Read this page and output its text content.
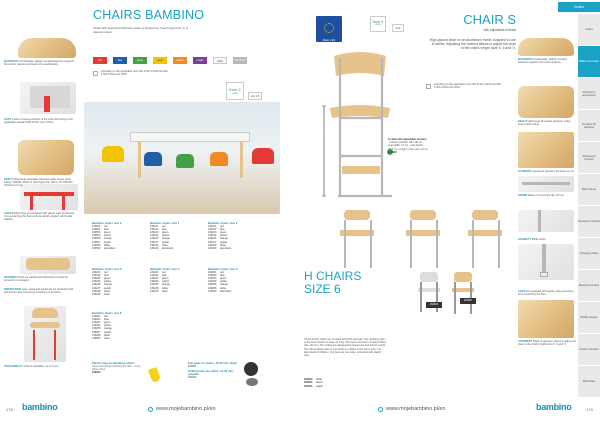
CHAIRS BAMBINO
Chair with seat and backrest made of lacquered, beech plywood, in a natural colour.
red	blue	green	yellow	orange	purple	white	aluminium
According to the applicable norm EN 1729-1:2015 and EN 1729-2:2012+A1:2015
from 2
years
size 1-5
BACKREST Comfortable, slightly rounded backrest supports the correct posture and looks very aesthetically.
CAPS Colour of caps (end tips) of the chair according to the applicable standard EN 1729-1 and 1729-2.
SEAT Profiled seat eliminates pressure under knees while sitting. FRAME: Made of round pipe dia. 18mm. PLYWOOD: Thickness 6 mm.
LEGS Rubber-legs are equipped with plastic caps preventing from scratching the floor and are slightly angled, which aids stability.
PACKING Chairs are packed and delivered in boxes for protection in transport.
PROTECTION Legs, seats and backrests are protected with anti-shock caps preventing scratching of furniture.
STACKABILITY Chair is stackable, up to 5 pcs.
Bambino chairs size 0
133201 red
133501 blue
133503 green
133504 yellow
133505 orange
133507 purple
133508 white
133509 aluminium
Bambino chairs size 1
133211 red
133212 blue
133213 green
133214 yellow
133215 orange
133217 purple
133218 white
133219 aluminium
Bambino chairs size 2
133221 red
133222 blue
133223 green
133224 yellow
133225 orange
133227 purple
133228 white
133229 aluminium
Bambino chairs size 3
133231 red
133232 blue
133233 green
133234 yellow
133235 orange
133237 purple
133238 white
133239 silver
Bambino chairs size 4
133241 red
133242 blue
133243 green
133244 yellow
133245 orange
133248 white
133249 silver
Bambino chairs size 5
133251 red
133252 blue
133253 green
133254 yellow
133255 orange
133258 white
133259 aluminium
Bambino chairs size 6
133261 red
133262 blue
133263 green
133264 yellow
133265 orange
133267 purple
133268 white
133269 silver
Plastic caps for Bambino chairs
Caps preventing scratching the floor - 4 pcs., white colour
133290
Felt pads for chairs, 16-22 mm, black
400001
Knitted pads for chairs, 16-22 mm, graphite
400002
178 bambino	www.mojebambino.pl/en
Chairs
Made in EU
from 5
years
size
CHAIR S
with adjustable footrest
High-placed chair on an aluminium frame. Adapted to use in tables. Adjusting the footrest allows to adjust the chair to the child's height (size 5, 6 and 7).
According to the applicable norm EN 1729-1:2015 and EN 1729-2:2012+A1:2015
S chair with adjustable footrest
- footrest position: 28 x 38 cm - seat width: 37 cm - seat depth: 36.5 cm - height of the seat: 46 cm
133408
H CHAIRS
SIZE 6
These sturdy chairs are covered with HPL laminate. The tamberg color is the best solution to keep as long. The frame structure of steel profiles (dia. 18 mm). The chairs are designed for classroom and school needs. The frame allows also to use chairs on tables of the same size. It is also ideal for children. Our legs are non-wide, protected with plastic caps.
264823 white
264824 beech
264825 maple
264823
264827
BACKREST Comfortable, slightly rounded backrest supports the correct posture.
SEAT Profiled seat eliminates pressure under knees while sitting.
PLYWOOD Lacquered plywood, thickness 6 mm.
FRAME Made of round pipe dia. 25 mm.
STABILITY White stops
LEGS Are equipped with plastic caps preventing from scratching the floor.
FOOTREST Made of plywood, allows to adjust the chair to the child's height (size 5, 6 and 7).
Chairs
Tables and chairs
Montessori accessories
Furniture for teachers
Montessori furniture
Wall shelves
Reception furniture
Changing tables
Sleeping furniture
Mobile storage
Outdoor furniture
Wardrobes
www.mojebambino.pl/en	bambino	179
